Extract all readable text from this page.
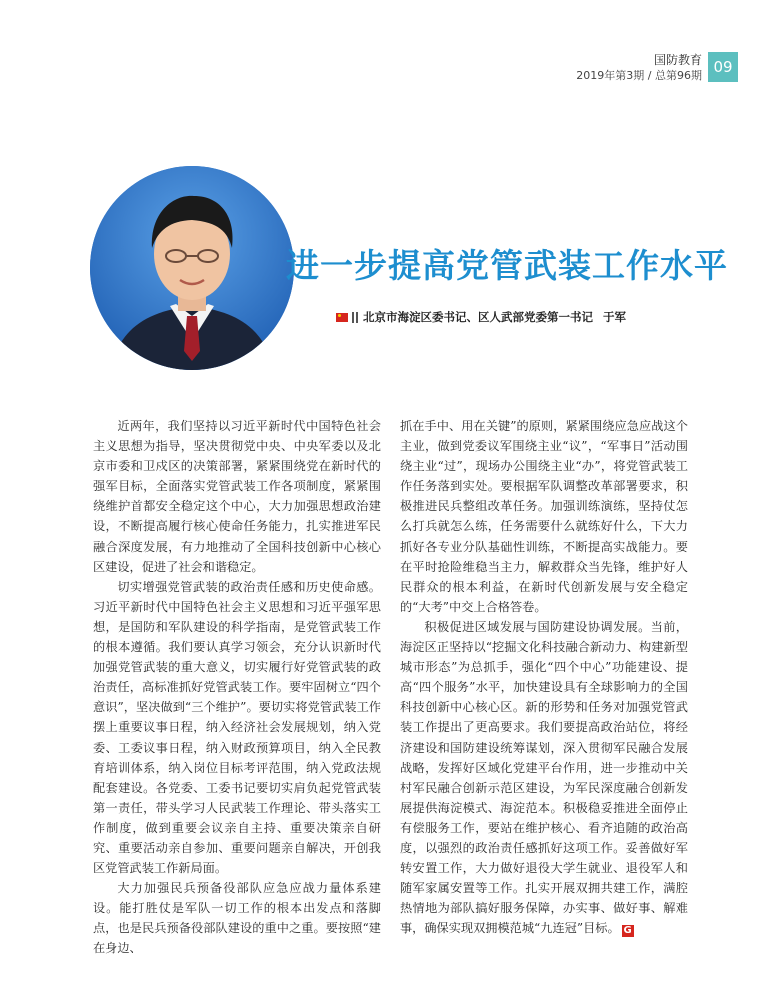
国防教育
2019年第3期 / 总第96期 09
进一步提高党管武装工作水平
北京市海淀区委书记、区人武部党委第一书记 于军

近两年，我们坚持以习近平新时代中国特色社会主义思想为指导，坚决贯彻党中央、中央军委以及北京市委和卫戍区的决策部署，紧紧围绕党在新时代的强军目标，全面落实党管武装工作各项制度，紧紧围绕维护首都安全稳定这个中心，大力加强思想政治建设，不断提高履行核心使命任务能力，扎实推进军民融合深度发展，有力地推动了全国科技创新中心核心区建设，促进了社会和谐稳定。

切实增强党管武装的政治责任感和历史使命感。习近平新时代中国特色社会主义思想和习近平强军思想，是国防和军队建设的科学指南，是党管武装工作的根本遵循。我们要认真学习领会，充分认识新时代加强党管武装的重大意义，切实履行好党管武装的政治责任，高标准抓好党管武装工作。要牢固树立“四个意识”，坚决做到“三个维护”。要切实将党管武装工作摆上重要议事日程，纳入经济社会发展规划，纳入党委、工委议事日程，纳入财政预算项目，纳入全民教育培训体系，纳入岗位目标考评范围，纳入党政法规配套建设。各党委、工委书记要切实肩负起党管武装第一责任，带头学习人民武装工作理论、带头落实工作制度，做到重要会议亲自主持、重要决策亲自研究、重要活动亲自参加、重要问题亲自解决，开创我区党管武装工作新局面。

大力加强民兵预备役部队应急应战力量体系建设。能打胜仗是军队一切工作的根本出发点和落脚点，也是民兵预备役部队建设的重中之重。要按照“建在身边、

抓在手中、用在关键”的原则，紧紧围绕应急应战这个主业，做到党委议军围绕主业“议”，“军事日”活动围绕主业“过”，现场办公围绕主业“办”，将党管武装工作任务落到实处。要根据军队调整改革部署要求，积极推进民兵整组改革任务。加强训练演练，坚持仗怎么打兵就怎么练，任务需要什么就练好什么，下大力抓好各专业分队基础性训练，不断提高实战能力。要在平时抢险维稳当主力，解救群众当先锋，维护好人民群众的根本利益，在新时代创新发展与安全稳定的“大考”中交上合格答卷。

积极促进区域发展与国防建设协调发展。当前，海淀区正坚持以“挖掘文化科技融合新动力、构建新型城市形态”为总抓手，强化“四个中心”功能建设、提高“四个服务”水平，加快建设具有全球影响力的全国科技创新中心核心区。新的形势和任务对加强党管武装工作提出了更高要求。我们要提高政治站位，将经济建设和国防建设统筹谋划，深入贯彻军民融合发展战略，发挥好区域化党建平台作用，进一步推动中关村军民融合创新示范区建设，为军民深度融合创新发展提供海淀模式、海淀范本。积极稳妥推进全面停止有偿服务工作，要站在维护核心、看齐追随的政治高度，以强烈的政治责任感抓好这项工作。妥善做好军转安置工作，大力做好退役大学生就业、退役军人和随军家属安置等工作。扎实开展双拥共建工作，满腔热情地为部队搞好服务保障，办实事、做好事、解难事，确保实现双拥模范城“九连冠”目标。 G
